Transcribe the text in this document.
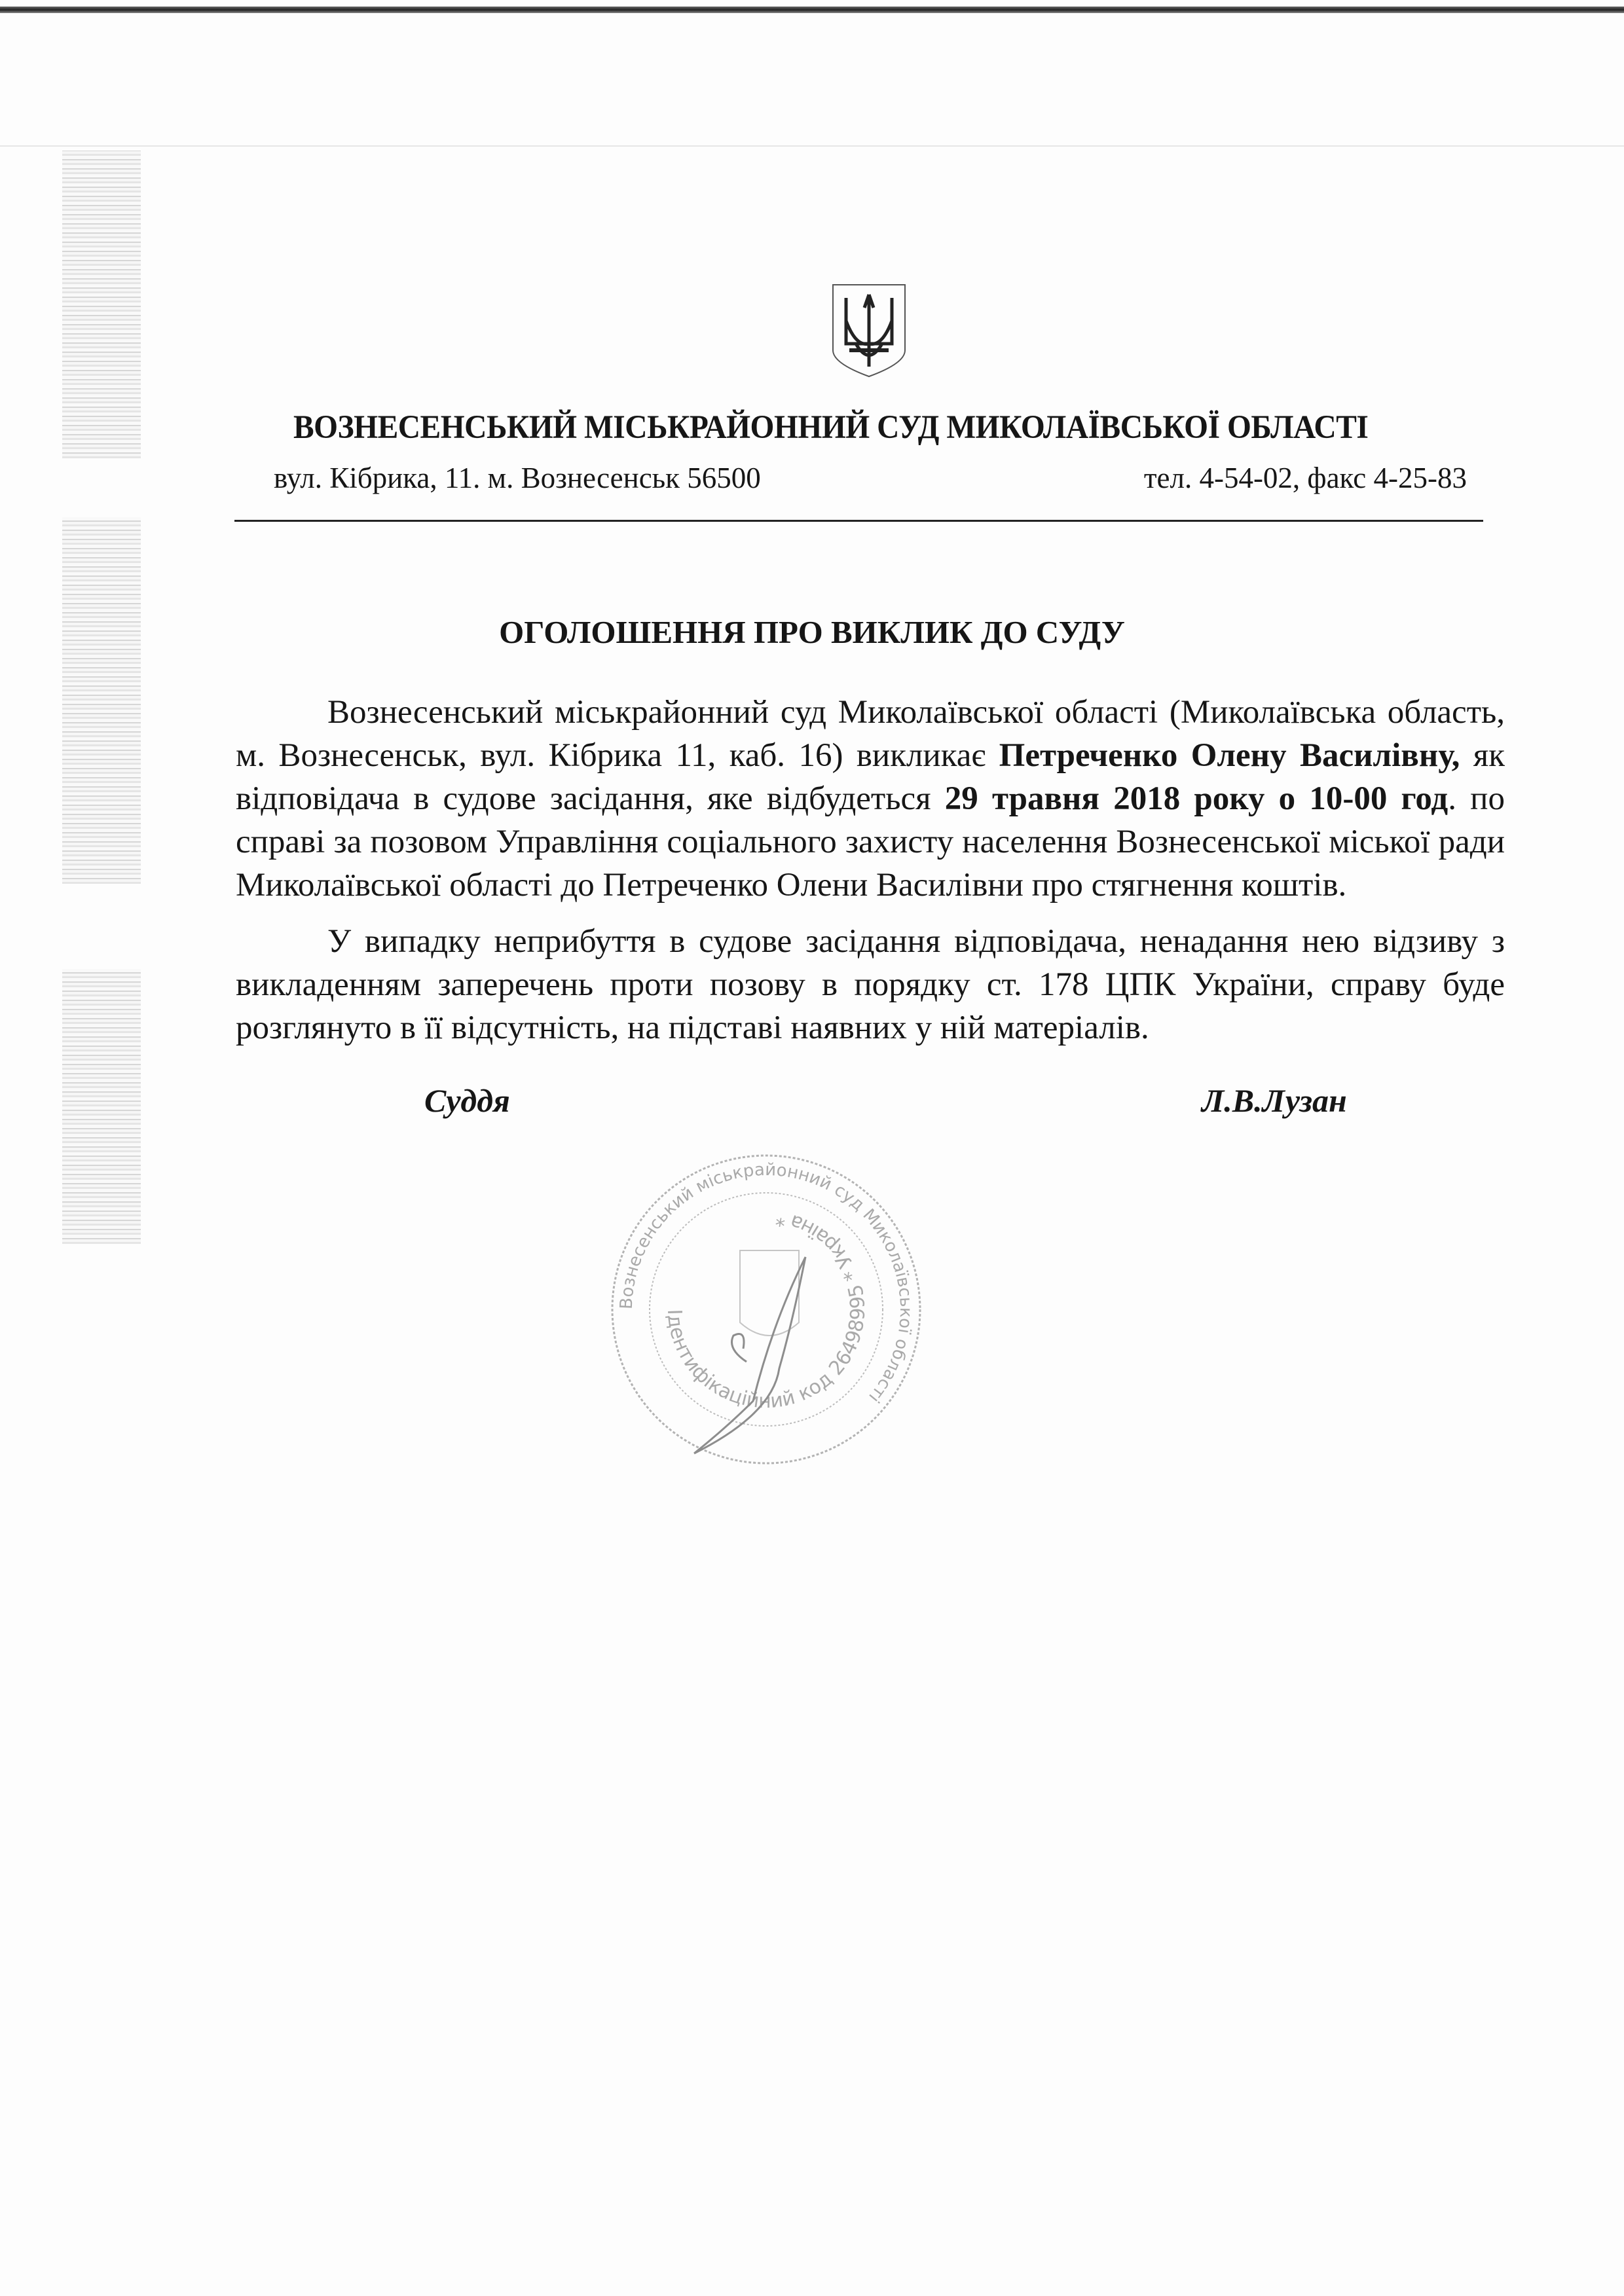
ВОЗНЕСЕНСЬКИЙ МІСЬКРАЙОННИЙ СУД МИКОЛАЇВСЬКОЇ ОБЛАСТІ
вул. Кібрика, 11. м. Вознесенськ 56500	тел. 4-54-02, факс 4-25-83
ОГОЛОШЕННЯ ПРО ВИКЛИК ДО СУДУ
Вознесенський міськрайонний суд Миколаївської області (Миколаївська область, м. Вознесенськ, вул. Кібрика 11, каб. 16) викликає Петреченко Олену Василівну, як відповідача в судове засідання, яке відбудеться 29 травня 2018 року о 10-00 год. по справі за позовом Управління соціального захисту населення Вознесенської міської ради Миколаївської області до Петреченко Олени Василівни про стягнення коштів.
У випадку неприбуття в судове засідання відповідача, ненадання нею відзиву з викладенням заперечень проти позову в порядку ст. 178 ЦПК України, справу буде розглянуто в її відсутність, на підставі наявних у ній матеріалів.
Суддя	Л.В.Лузан
Вознесенський міськрайонний суд Миколаївської області
Ідентифікаційний код 26498995 * Україна *
